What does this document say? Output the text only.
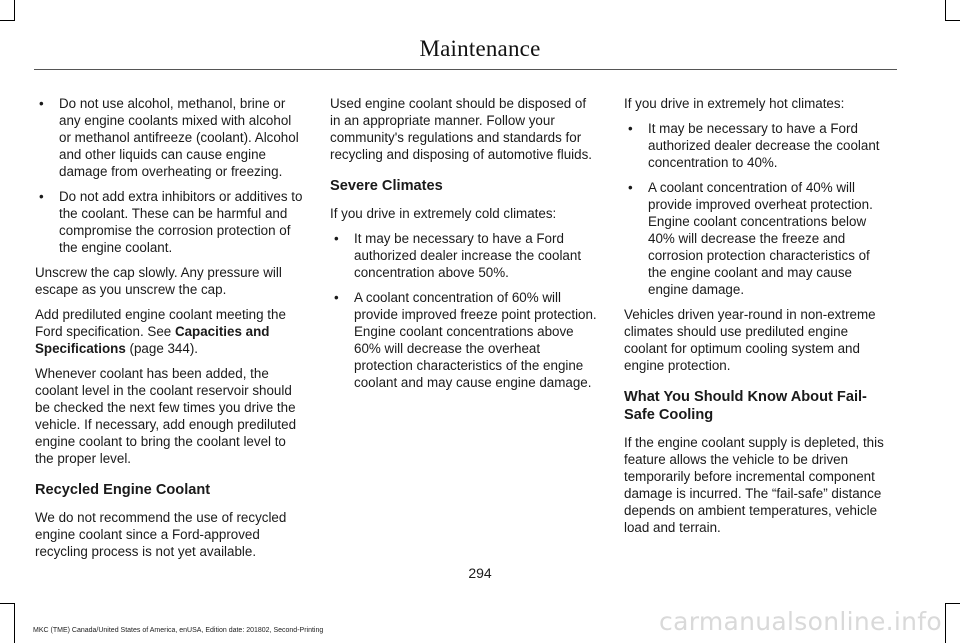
Maintenance
• Do not use alcohol, methanol, brine or any engine coolants mixed with alcohol or methanol antifreeze (coolant). Alcohol and other liquids can cause engine damage from overheating or freezing.
• Do not add extra inhibitors or additives to the coolant. These can be harmful and compromise the corrosion protection of the engine coolant.

Unscrew the cap slowly. Any pressure will escape as you unscrew the cap.

Add prediluted engine coolant meeting the Ford specification. See Capacities and Specifications (page 344).

Whenever coolant has been added, the coolant level in the coolant reservoir should be checked the next few times you drive the vehicle. If necessary, add enough prediluted engine coolant to bring the coolant level to the proper level.

Recycled Engine Coolant

We do not recommend the use of recycled engine coolant since a Ford-approved recycling process is not yet available.

Used engine coolant should be disposed of in an appropriate manner. Follow your community's regulations and standards for recycling and disposing of automotive fluids.

Severe Climates

If you drive in extremely cold climates:

• It may be necessary to have a Ford authorized dealer increase the coolant concentration above 50%.
• A coolant concentration of 60% will provide improved freeze point protection. Engine coolant concentrations above 60% will decrease the overheat protection characteristics of the engine coolant and may cause engine damage.

If you drive in extremely hot climates:

• It may be necessary to have a Ford authorized dealer decrease the coolant concentration to 40%.
• A coolant concentration of 40% will provide improved overheat protection. Engine coolant concentrations below 40% will decrease the freeze and corrosion protection characteristics of the engine coolant and may cause engine damage.

Vehicles driven year-round in non-extreme climates should use prediluted engine coolant for optimum cooling system and engine protection.

What You Should Know About Fail-Safe Cooling

If the engine coolant supply is depleted, this feature allows the vehicle to be driven temporarily before incremental component damage is incurred. The “fail-safe” distance depends on ambient temperatures, vehicle load and terrain.

294
MKC (TME) Canada/United States of America, enUSA, Edition date: 201802, Second-Printing	carmanualsonline.info
